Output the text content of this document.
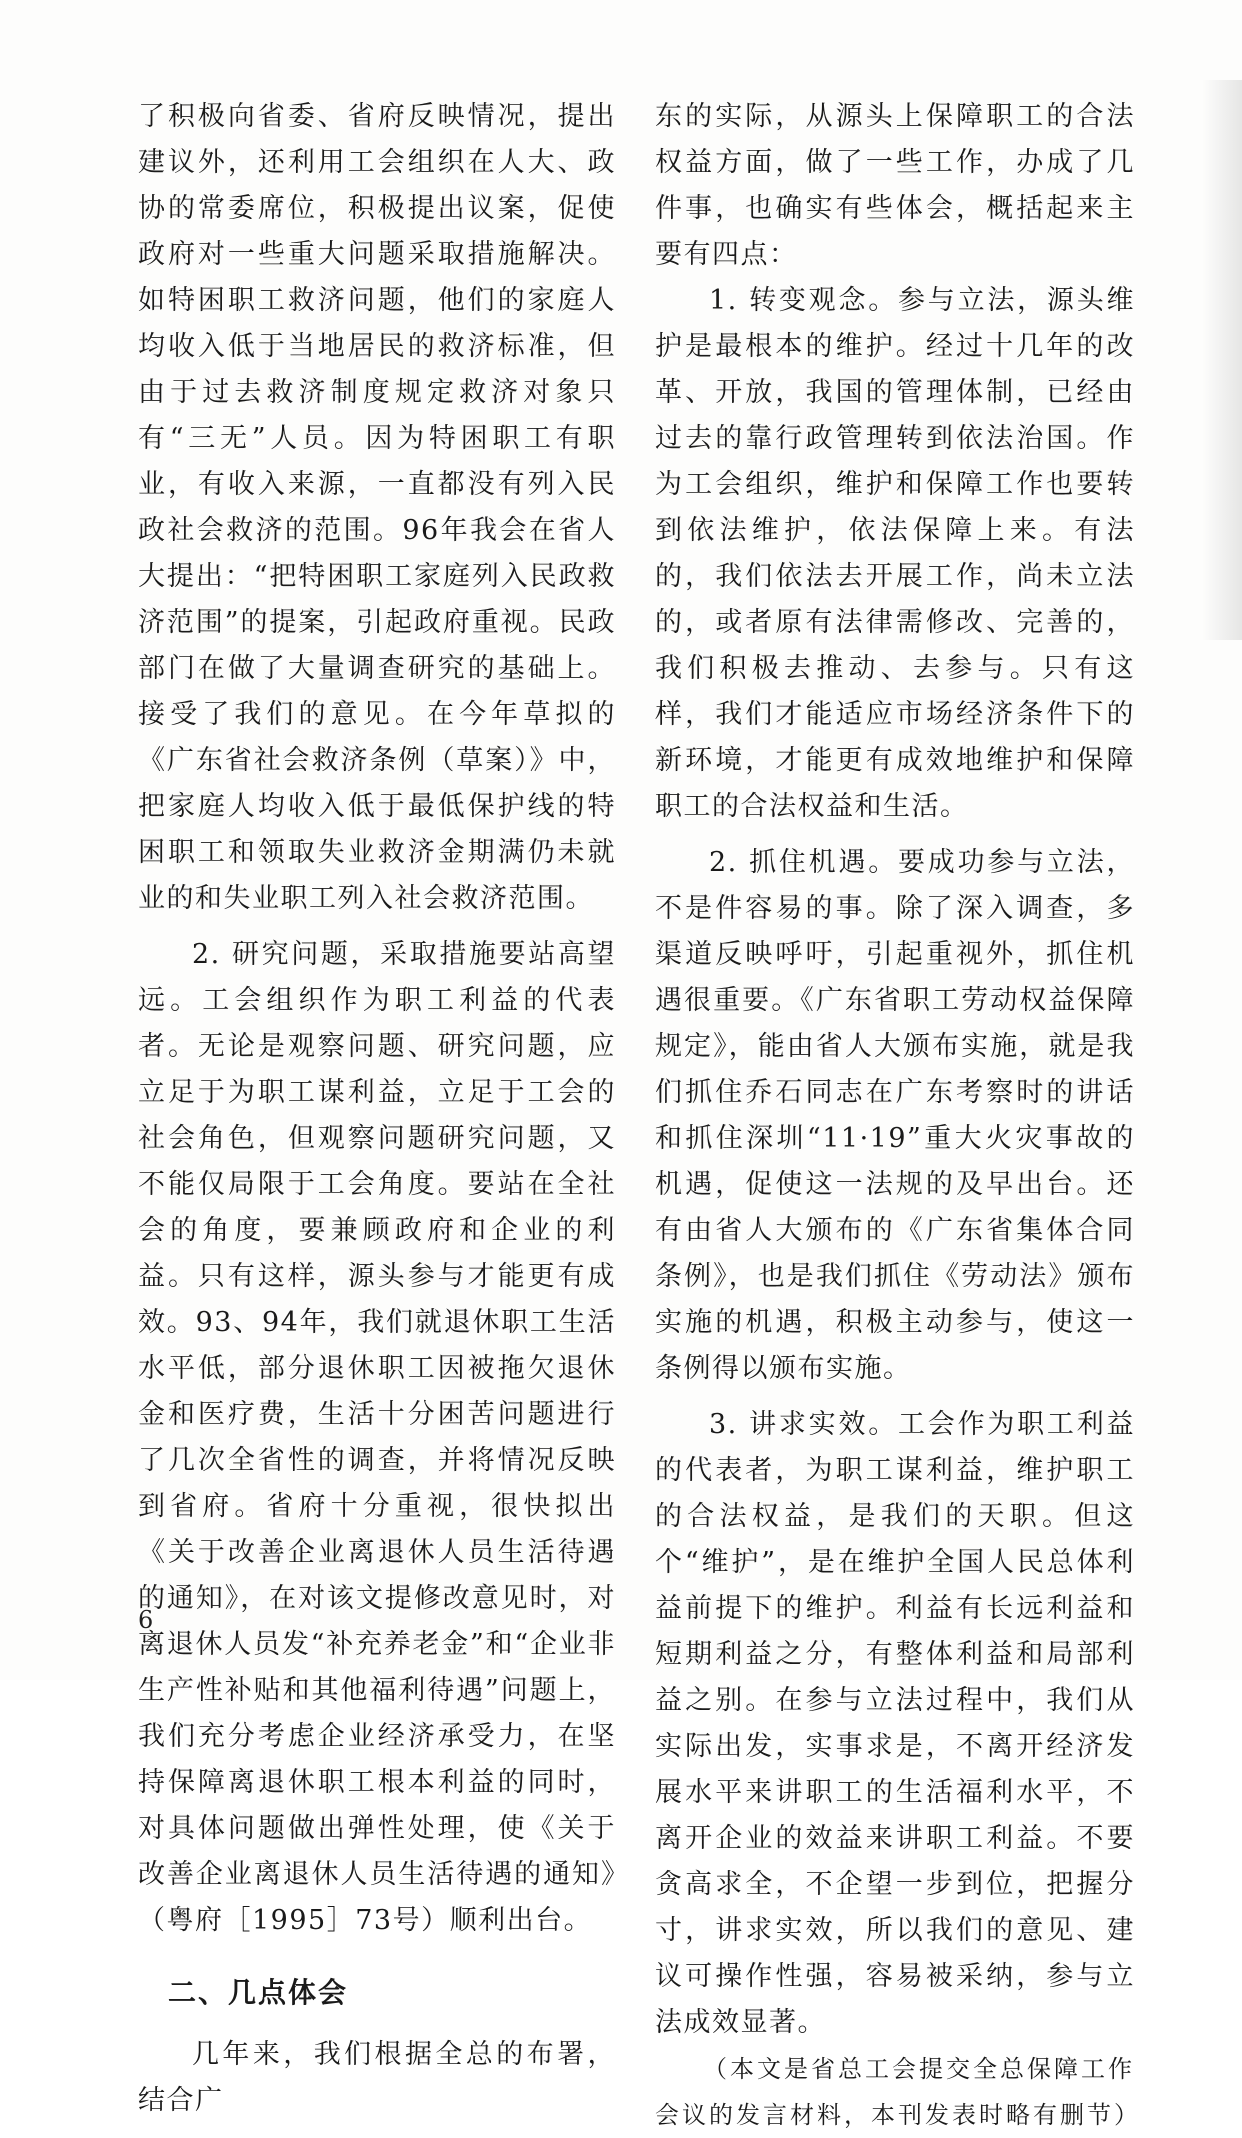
了积极向省委、省府反映情况，提出建议外，还利用工会组织在人大、政协的常委席位，积极提出议案，促使政府对一些重大问题采取措施解决。如特困职工救济问题，他们的家庭人均收入低于当地居民的救济标准，但由于过去救济制度规定救济对象只有“三无”人员。因为特困职工有职业，有收入来源，一直都没有列入民政社会救济的范围。96年我会在省人大提出：“把特困职工家庭列入民政救济范围”的提案，引起政府重视。民政部门在做了大量调查研究的基础上。接受了我们的意见。在今年草拟的《广东省社会救济条例（草案）》中，把家庭人均收入低于最低保护线的特困职工和领取失业救济金期满仍未就业的和失业职工列入社会救济范围。

2. 研究问题，采取措施要站高望远。工会组织作为职工利益的代表者。无论是观察问题、研究问题，应立足于为职工谋利益，立足于工会的社会角色，但观察问题研究问题，又不能仅局限于工会角度。要站在全社会的角度，要兼顾政府和企业的利益。只有这样，源头参与才能更有成效。93、94年，我们就退休职工生活水平低，部分退休职工因被拖欠退休金和医疗费，生活十分困苦问题进行了几次全省性的调查，并将情况反映到省府。省府十分重视，很快拟出《关于改善企业离退休人员生活待遇的通知》，在对该文提修改意见时，对离退休人员发“补充养老金”和“企业非生产性补贴和其他福利待遇”问题上，我们充分考虑企业经济承受力，在坚持保障离退休职工根本利益的同时，对具体问题做出弹性处理，使《关于改善企业离退休人员生活待遇的通知》（粤府［1995］73号）顺利出台。

二、几点体会

几年来，我们根据全总的布署，结合广

东的实际，从源头上保障职工的合法权益方面，做了一些工作，办成了几件事，也确实有些体会，概括起来主要有四点：

1. 转变观念。参与立法，源头维护是最根本的维护。经过十几年的改革、开放，我国的管理体制，已经由过去的靠行政管理转到依法治国。作为工会组织，维护和保障工作也要转到依法维护，依法保障上来。有法的，我们依法去开展工作，尚未立法的，或者原有法律需修改、完善的，我们积极去推动、去参与。只有这样，我们才能适应市场经济条件下的新环境，才能更有成效地维护和保障职工的合法权益和生活。

2. 抓住机遇。要成功参与立法，不是件容易的事。除了深入调查，多渠道反映呼吁，引起重视外，抓住机遇很重要。《广东省职工劳动权益保障规定》，能由省人大颁布实施，就是我们抓住乔石同志在广东考察时的讲话和抓住深圳“11·19”重大火灾事故的机遇，促使这一法规的及早出台。还有由省人大颁布的《广东省集体合同条例》，也是我们抓住《劳动法》颁布实施的机遇，积极主动参与，使这一条例得以颁布实施。

3. 讲求实效。工会作为职工利益的代表者，为职工谋利益，维护职工的合法权益，是我们的天职。但这个“维护”，是在维护全国人民总体利益前提下的维护。利益有长远利益和短期利益之分，有整体利益和局部利益之别。在参与立法过程中，我们从实际出发，实事求是，不离开经济发展水平来讲职工的生活福利水平，不离开企业的效益来讲职工利益。不要贪高求全，不企望一步到位，把握分寸，讲求实效，所以我们的意见、建议可操作性强，容易被采纳，参与立法成效显著。

（本文是省总工会提交全总保障工作会议的发言材料，本刊发表时略有删节）

6
